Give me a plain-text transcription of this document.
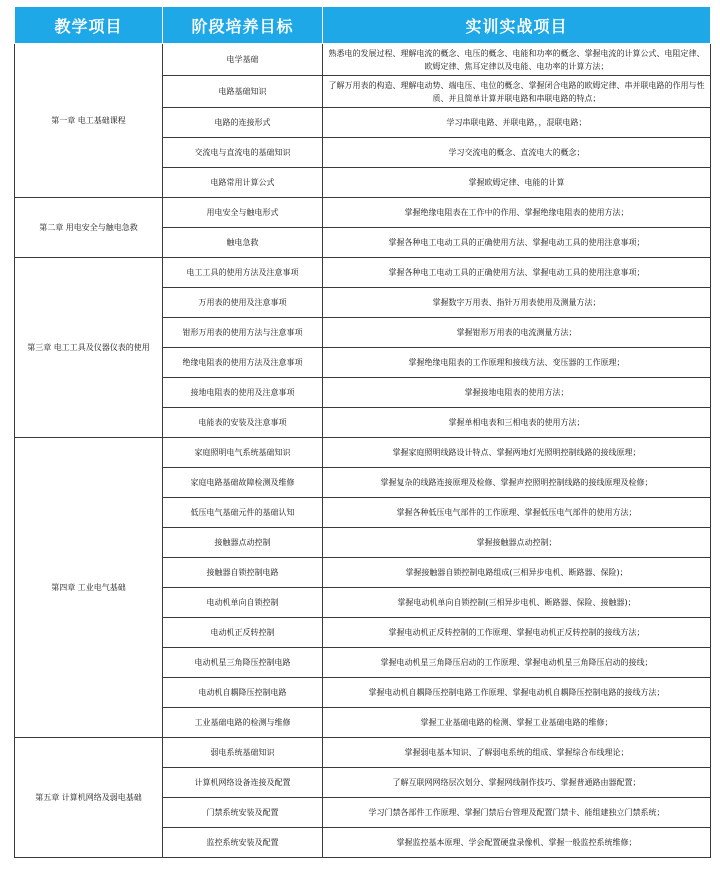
教学项目	阶段培养目标	实训实战项目
第一章 电工基础课程	电学基础	熟悉电的发展过程、理解电流的概念、电压的概念、电能和功率的概念、掌握电流的计算公式、电阻定律、欧姆定律、焦耳定律以及电能、电功率的计算方法；
	电路基础知识	了解万用表的构造、理解电动势、端电压、电位的概念、掌握闭合电路的欧姆定律、串并联电路的作用与性质、并且简单计算并联电路和串联电路的特点；
	电路的连接形式	学习串联电路、并联电路，，混联电路；
	交流电与直流电的基础知识	学习交流电的概念、直流电大的概念；
	电路常用计算公式	掌握欧姆定律、电能的计算
第二章 用电安全与触电急救	用电安全与触电形式	掌握绝缘电阻表在工作中的作用、掌握绝缘电阻表的使用方法；
	触电急救	掌握各种电工电动工具的正确使用方法、掌握电动工具的使用注意事项；
第三章 电工工具及仪器仪表的使用	电工工具的使用方法及注意事项	掌握各种电工电动工具的正确使用方法、掌握电动工具的使用注意事项；
	万用表的使用及注意事项	掌握数字万用表、指针万用表使用及测量方法；
	钳形万用表的使用方法与注意事项	掌握钳形万用表的电流测量方法；
	绝缘电阻表的使用方法及注意事项	掌握绝缘电阻表的工作原理和接线方法、变压器的工作原理；
	接地电阻表的使用及注意事项	掌握接地电阻表的使用方法；
	电能表的安装及注意事项	掌握单相电表和三相电表的使用方法；
第四章 工业电气基础	家庭照明电气系统基础知识	掌握家庭照明线路设计特点、掌握两地灯光照明控制线路的接线原理；
	家庭电路基础故障检测及维修	掌握复杂的线路连接原理及检修、掌握声控照明控制线路的接线原理及检修；
	低压电气基础元件的基础认知	掌握各种低压电气部件的工作原理、掌握低压电气部件的使用方法；
	接触器点动控制	掌握接触器点动控制；
	接触器自锁控制电路	掌握接触器自锁控制电路组成(三相异步电机、断路器、保险)；
	电动机单向自锁控制	掌握电动机单向自锁控制(三相异步电机、断路器、保险、接触器)；
	电动机正反转控制	掌握电动机正反转控制的工作原理、掌握电动机正反转控制的接线方法；
	电动机星三角降压控制电路	掌握电动机星三角降压启动的工作原理、掌握电动机星三角降压启动的接线；
	电动机自耦降压控制电路	掌握电动机自耦降压控制电路工作原理、掌握电动机自耦降压控制电路的接线方法；
	工业基础电路的检测与维修	掌握工业基础电路的检测、掌握工业基础电路的维修；
第五章 计算机网络及弱电基础	弱电系统基础知识	掌握弱电基本知识、了解弱电系统的组成、掌握综合布线理论；
	计算机网络设备连接及配置	了解互联网网络层次划分、掌握网线制作技巧、掌握普通路由器配置；
	门禁系统安装及配置	学习门禁各部件工作原理、掌握门禁后台管理及配置门禁卡、能组建独立门禁系统；
	监控系统安装及配置	掌握监控基本原理、学会配置硬盘录像机、掌握一般监控系统维修；
